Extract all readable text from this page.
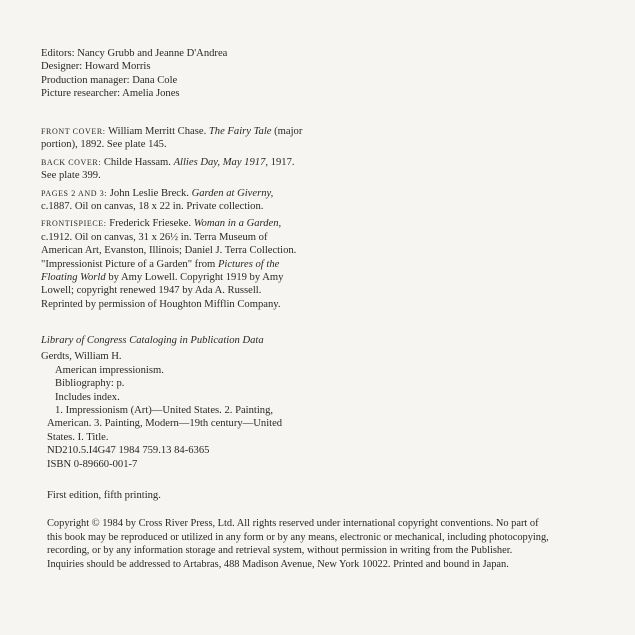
Editors: Nancy Grubb and Jeanne D'Andrea
Designer: Howard Morris
Production manager: Dana Cole
Picture researcher: Amelia Jones
FRONT COVER: William Merritt Chase. The Fairy Tale (major
portion), 1892. See plate 145.
BACK COVER: Childe Hassam. Allies Day, May 1917, 1917.
See plate 399.
PAGES 2 AND 3: John Leslie Breck. Garden at Giverny,
c.1887. Oil on canvas, 18 x 22 in. Private collection.
FRONTISPIECE: Frederick Frieseke. Woman in a Garden,
c.1912. Oil on canvas, 31 x 26½ in. Terra Museum of
American Art, Evanston, Illinois; Daniel J. Terra Collection.
"Impressionist Picture of a Garden" from Pictures of the
Floating World by Amy Lowell. Copyright 1919 by Amy
Lowell; copyright renewed 1947 by Ada A. Russell.
Reprinted by permission of Houghton Mifflin Company.
Library of Congress Cataloging in Publication Data
Gerdts, William H.
American impressionism.
Bibliography: p.
Includes index.
1. Impressionism (Art)—United States. 2. Painting,
American. 3. Painting, Modern—19th century—United
States. I. Title.
ND210.5.I4G47 1984 759.13 84-6365
ISBN 0-89660-001-7
First edition, fifth printing.
Copyright © 1984 by Cross River Press, Ltd. All rights reserved under international copyright conventions. No part of
this book may be reproduced or utilized in any form or by any means, electronic or mechanical, including photocopying,
recording, or by any information storage and retrieval system, without permission in writing from the Publisher.
Inquiries should be addressed to Artabras, 488 Madison Avenue, New York 10022. Printed and bound in Japan.
